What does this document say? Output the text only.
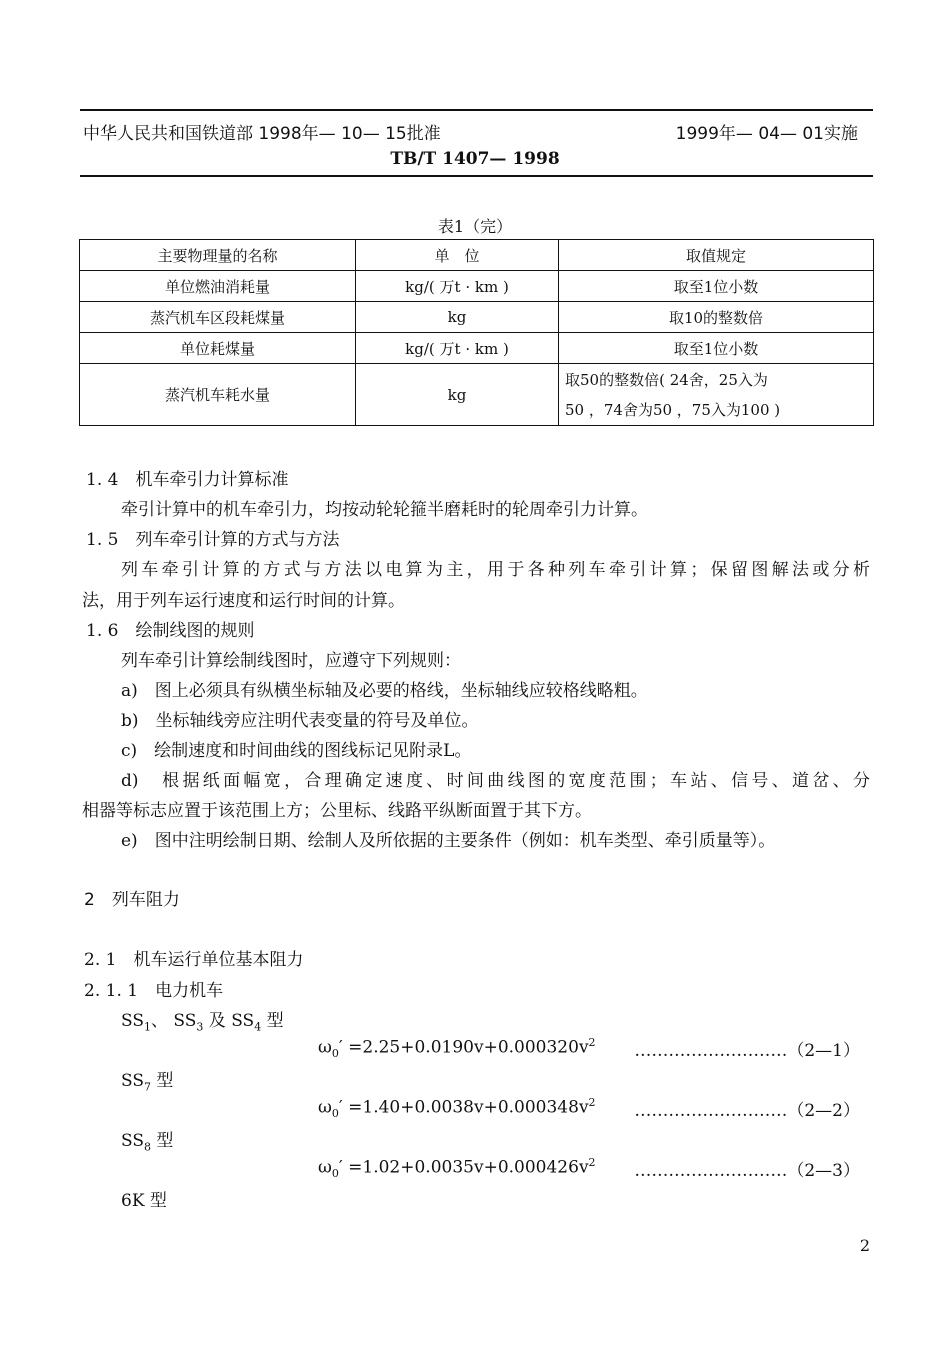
中华人民共和国铁道部 1998年— 10— 15批准	1999年— 04— 01实施
TB/T 1407— 1998
表1（完）
主要物理量的名称	单　位	取值规定
单位燃油消耗量	kg/( 万t · km )	取至1位小数
蒸汽机车区段耗煤量	kg	取10的整数倍
单位耗煤量	kg/( 万t · km )	取至1位小数
蒸汽机车耗水量	kg	取50的整数倍( 24舍，25入为
50 ，74舍为50 ，75入为100 )
1. 4　机车牵引力计算标准
牵引计算中的机车牵引力，均按动轮轮箍半磨耗时的轮周牵引力计算。
1. 5　列车牵引计算的方式与方法
列车牵引计算的方式与方法以电算为主，用于各种列车牵引计算；保留图解法或分析
法，用于列车运行速度和运行时间的计算。
1. 6　绘制线图的规则
列车牵引计算绘制线图时，应遵守下列规则：
a)　图上必须具有纵横坐标轴及必要的格线，坐标轴线应较格线略粗。
b)　坐标轴线旁应注明代表变量的符号及单位。
c)　绘制速度和时间曲线的图线标记见附录L。
d)　根据纸面幅宽，合理确定速度、时间曲线图的宽度范围；车站、信号、道岔、分
相器等标志应置于该范围上方；公里标、线路平纵断面置于其下方。
e)　图中注明绘制日期、绘制人及所依据的主要条件（例如：机车类型、牵引质量等）。
2　列车阻力
2. 1　机车运行单位基本阻力
2. 1. 1　电力机车
$SS_1$、 $SS_3$ 及 $SS_4$ 型
$\omega_0' =2.25+0.0190v+0.000320v^2$ ………………………（2—1）
$SS_7$ 型
$\omega_0' =1.40+0.0038v+0.000348v^2$ ………………………（2—2）
$SS_8$ 型
$\omega_0' =1.02+0.0035v+0.000426v^2$ ………………………（2—3）
6K 型
2
